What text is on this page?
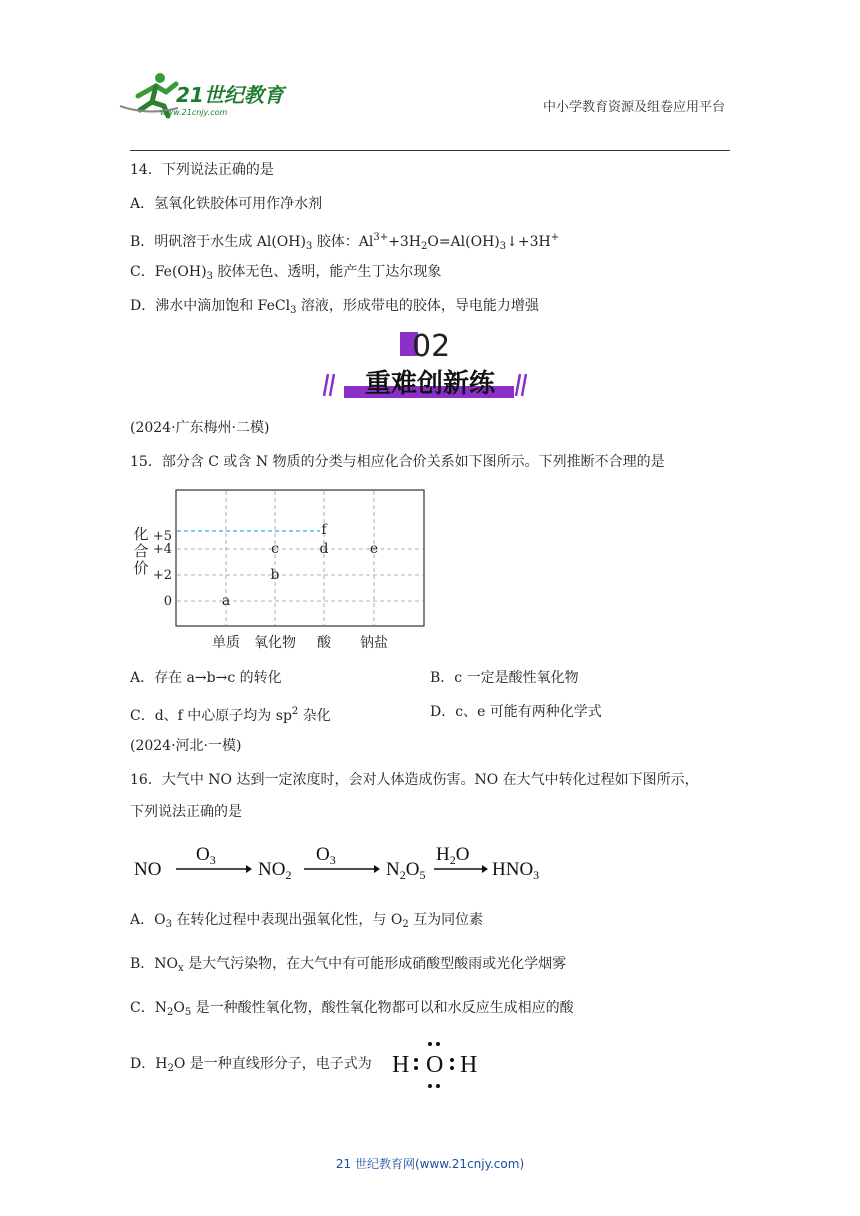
21世纪教育
www.21cnjy.com	中小学教育资源及组卷应用平台
14．下列说法正确的是
A．氢氧化铁胶体可用作净水剂
B．明矾溶于水生成 $Al(OH)_3$ 胶体：$Al^{3+}+3H_2O=Al(OH)_3↓+3H^+$
C．$Fe(OH)_3$ 胶体无色、透明，能产生丁达尔现象
D．沸水中滴加饱和 FeCl$_3$ 溶液，形成带电的胶体，导电能力增强
02
重难创新练
(2024·广东梅州·二模)
15．部分含 C 或含 N 物质的分类与相应化合价关系如下图所示。下列推断不合理的是
化
合
价
+5
+4
+2
0
单质 氧化物 酸 钠盐
a
b
c	d
f
e
A．存在 a→b→c 的转化	B．c 一定是酸性氧化物
C．d、f 中心原子均为 $sp^2$ 杂化	D．c、e 可能有两种化学式
(2024·河北·一模)
16．大气中 NO 达到一定浓度时，会对人体造成伤害。NO 在大气中转化过程如下图所示，
下列说法正确的是
NO
$O_3$ $NO_2$
$O_3$	$N_2O_5$
$H_2O$
$HNO_3$
A．$O_3$ 在转化过程中表现出强氧化性，与 $O_2$ 互为同位素
B．$NO_x$ 是大气污染物，在大气中有可能形成硝酸型酸雨或光化学烟雾
C．$N_2O_5$ 是一种酸性氧化物，酸性氧化物都可以和水反应生成相应的酸
D．$H_2O$ 是一种直线形分子，电子式为 H O H
21 世纪教育网(www.21cnjy.com)
